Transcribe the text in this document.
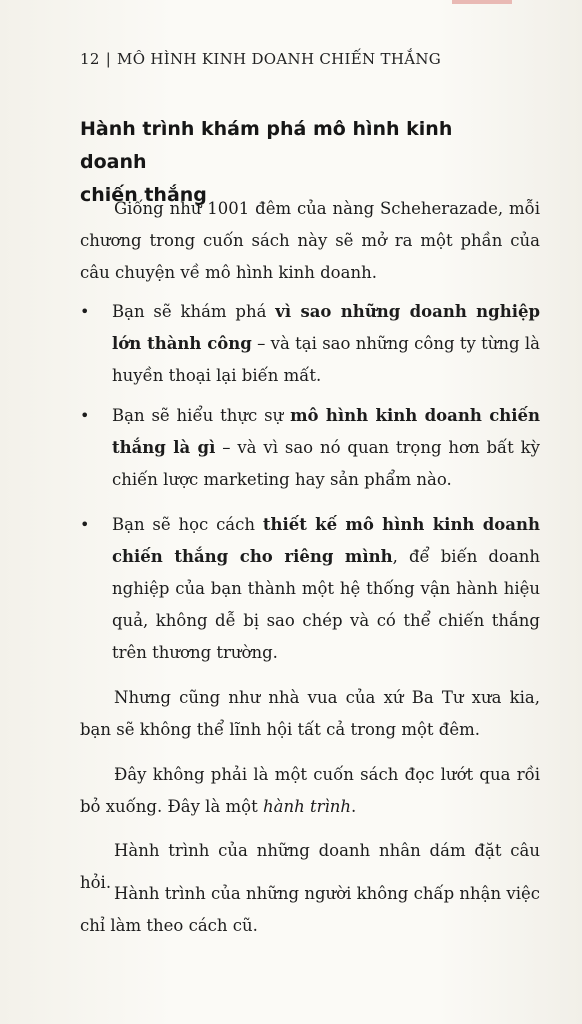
12 | MÔ HÌNH KINH DOANH CHIẾN THẮNG
Hành trình khám phá mô hình kinh doanh
chiến thắng
Giống như 1001 đêm của nàng Scheherazade, mỗi chương trong cuốn sách này sẽ mở ra một phần của câu chuyện về mô hình kinh doanh.
•	Bạn sẽ khám phá vì sao những doanh nghiệp lớn thành công – và tại sao những công ty từng là huyền thoại lại biến mất.
•	Bạn sẽ hiểu thực sự mô hình kinh doanh chiến thắng là gì – và vì sao nó quan trọng hơn bất kỳ chiến lược marketing hay sản phẩm nào.
•	Bạn sẽ học cách thiết kế mô hình kinh doanh chiến thắng cho riêng mình, để biến doanh nghiệp của bạn thành một hệ thống vận hành hiệu quả, không dễ bị sao chép và có thể chiến thắng trên thương trường.
Nhưng cũng như nhà vua của xứ Ba Tư xưa kia, bạn sẽ không thể lĩnh hội tất cả trong một đêm.
Đây không phải là một cuốn sách đọc lướt qua rồi bỏ xuống. Đây là một hành trình.
Hành trình của những doanh nhân dám đặt câu hỏi.
Hành trình của những người không chấp nhận việc chỉ làm theo cách cũ.
